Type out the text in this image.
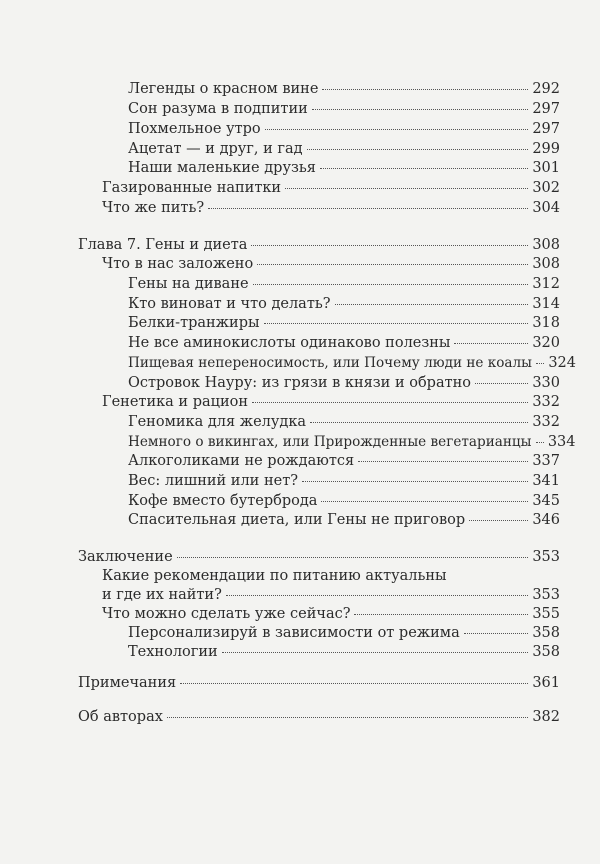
Легенды о красном вине	292
Сон разума в подпитии	297
Похмельное утро	297
Ацетат — и друг, и гад	299
Наши маленькие друзья	301
Газированные напитки	302
Что же пить?	304
Глава 7. Гены и диета	308
Что в нас заложено	308
Гены на диване	312
Кто виноват и что делать?	314
Белки-транжиры	318
Не все аминокислоты одинаково полезны	320
Пищевая непереносимость, или Почему люди не коалы 324
Островок Науру: из грязи в князи и обратно	330
Генетика и рацион	332
Геномика для желудка	332
Немного о викингах, или Прирожденные вегетарианцы 334
Алкоголиками не рождаются	337
Вес: лишний или нет?	341
Кофе вместо бутерброда	345
Спасительная диета, или Гены не приговор	346
Заключение	353
Какие рекомендации по питанию актуальны
и где их найти?	353
Что можно сделать уже сейчас?	355
Персонализируй в зависимости от режима	358
Технологии	358
Примечания	361
Об авторах	382
